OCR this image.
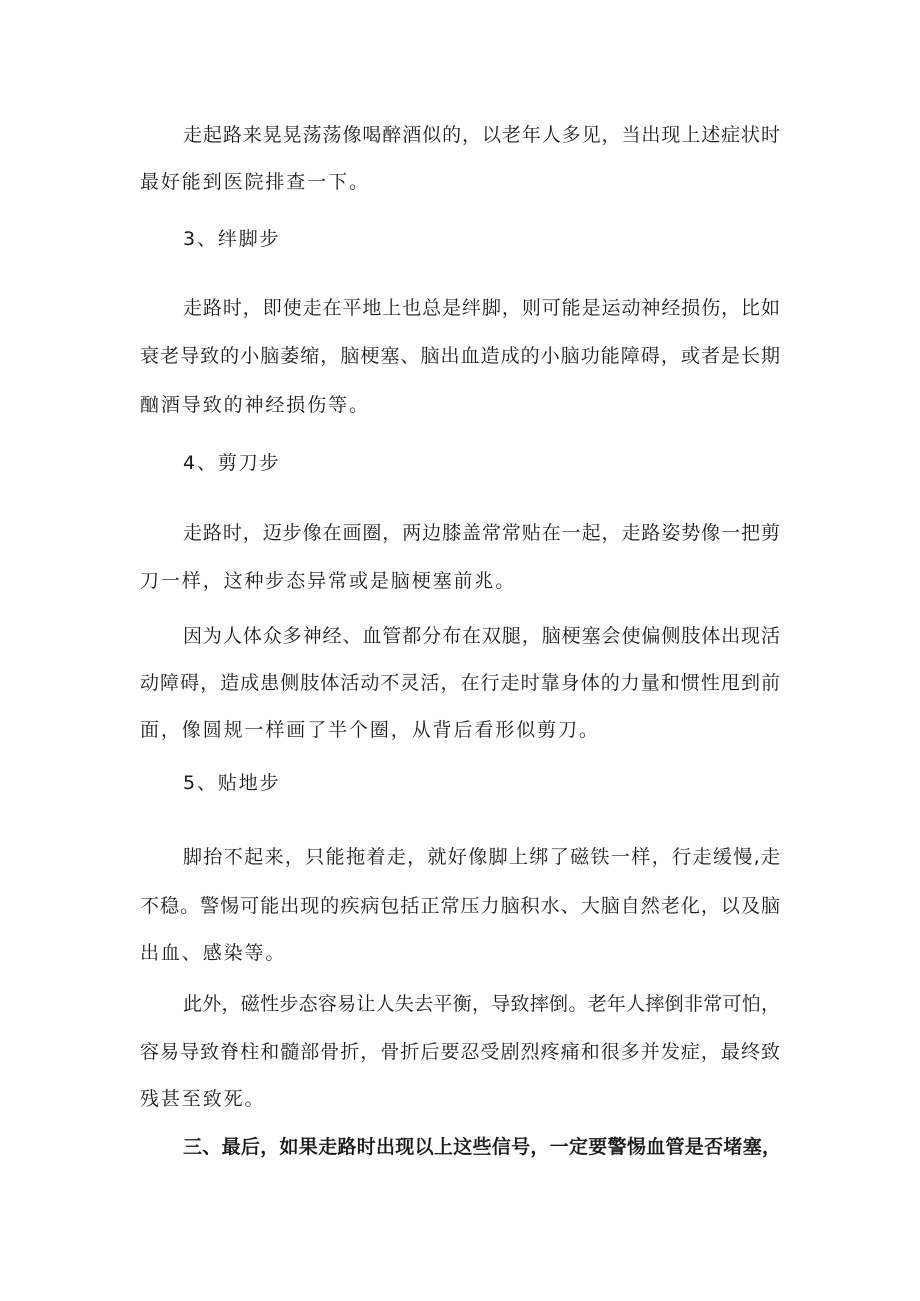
走起路来晃晃荡荡像喝醉酒似的，以老年人多见，当出现上述症状时
最好能到医院排查一下。
3、绊脚步
走路时，即使走在平地上也总是绊脚，则可能是运动神经损伤，比如
衰老导致的小脑萎缩，脑梗塞、脑出血造成的小脑功能障碍，或者是长期
酗酒导致的神经损伤等。
4、剪刀步
走路时，迈步像在画圈，两边膝盖常常贴在一起，走路姿势像一把剪
刀一样，这种步态异常或是脑梗塞前兆。
因为人体众多神经、血管都分布在双腿，脑梗塞会使偏侧肢体出现活
动障碍，造成患侧肢体活动不灵活，在行走时靠身体的力量和惯性甩到前
面，像圆规一样画了半个圈，从背后看形似剪刀。
5、贴地步
脚抬不起来，只能拖着走，就好像脚上绑了磁铁一样，行走缓慢,走
不稳。警惕可能出现的疾病包括正常压力脑积水、大脑自然老化，以及脑
出血、感染等。
此外，磁性步态容易让人失去平衡，导致摔倒。老年人摔倒非常可怕，
容易导致脊柱和髓部骨折，骨折后要忍受剧烈疼痛和很多并发症，最终致
残甚至致死。
三、最后，如果走路时出现以上这些信号，一定要警惕血管是否堵塞，
